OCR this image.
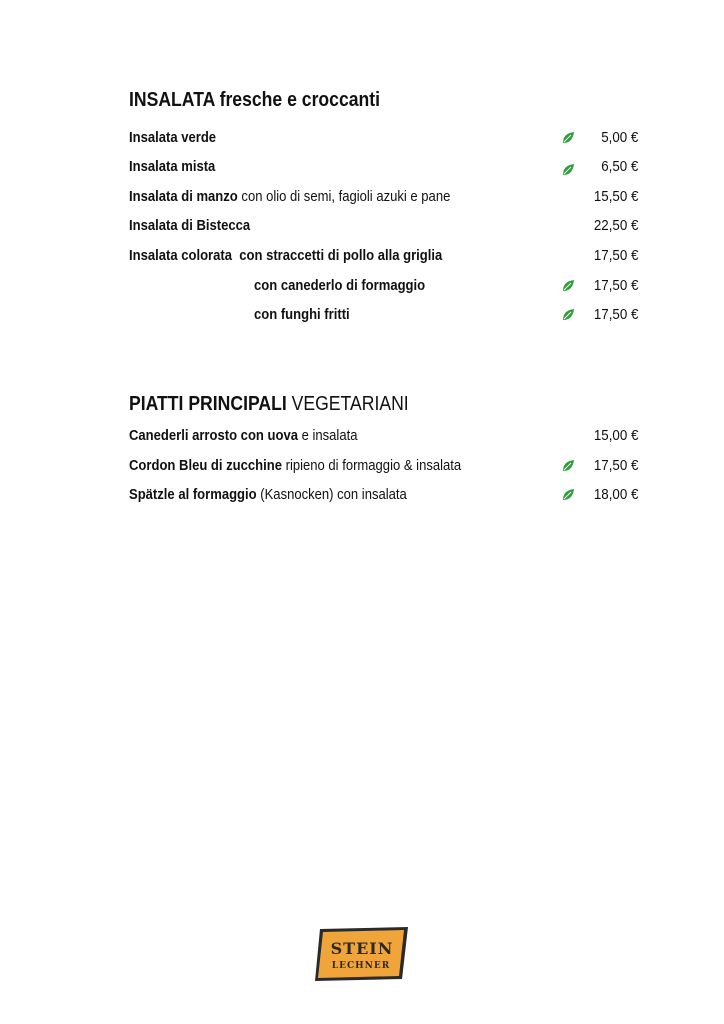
INSALATA fresche e croccanti
Insalata verde	5,00 €
Insalata mista	6,50 €
Insalata di manzo con olio di semi, fagioli azuki e pane	15,50 €
Insalata di Bistecca	22,50 €
Insalata colorata  con straccetti di pollo alla griglia	17,50 €
con canederlo di formaggio	17,50 €
con funghi fritti	17,50 €
PIATTI PRINCIPALI VEGETARIANI
Canederli arrosto con uova e insalata	15,00 €
Cordon Bleu di zucchine ripieno di formaggio & insalata	17,50 €
Spätzle al formaggio (Kasnocken) con insalata	18,00 €
STEIN
LECHNER
